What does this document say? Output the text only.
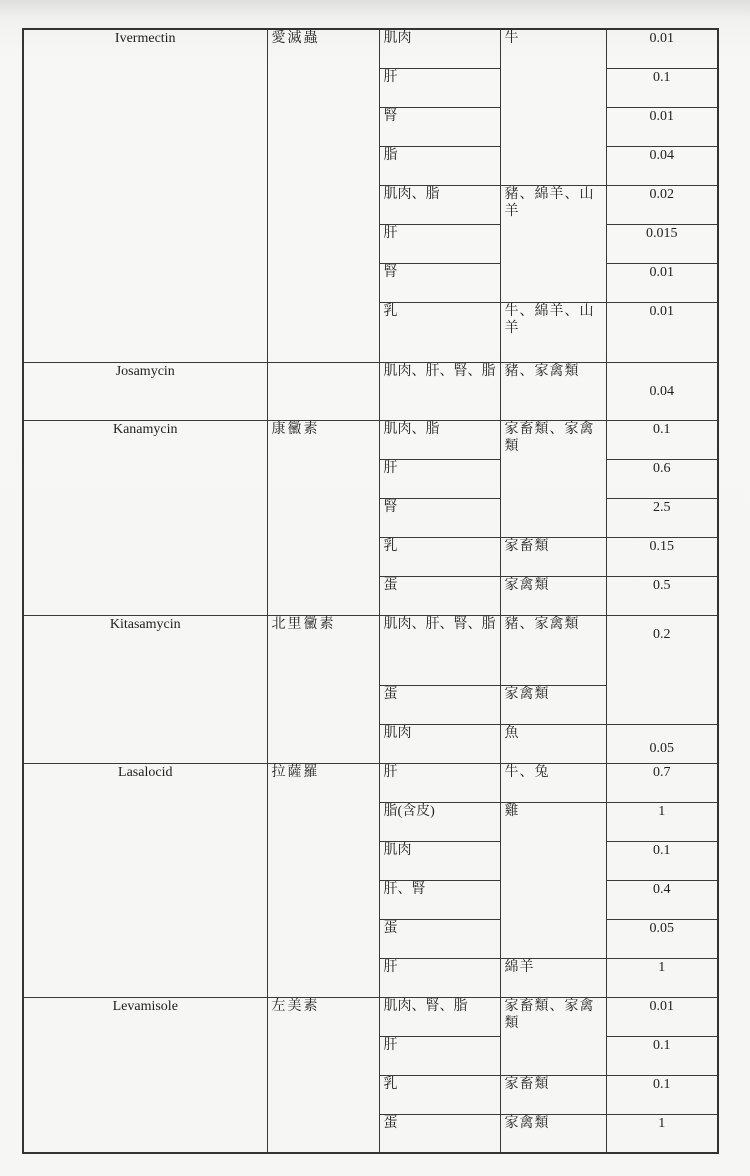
Ivermectin	愛滅蟲	肌肉	牛	0.01
		肝		0.1
		腎		0.01
		脂		0.04
		肌肉、脂	豬、綿羊、山羊	0.02
		肝		0.015
		腎		0.01
		乳	牛、綿羊、山羊	0.01
Josamycin		肌肉、肝、腎、脂	豬、家禽類	0.04
Kanamycin	康黴素	肌肉、脂	家畜類、家禽類	0.1
		肝		0.6
		腎		2.5
		乳	家畜類	0.15
		蛋	家禽類	0.5
Kitasamycin	北里黴素	肌肉、肝、腎、脂	豬、家禽類	0.2
		蛋	家禽類	
		肌肉	魚	0.05
Lasalocid	拉薩羅	肝	牛、兔	0.7
		脂(含皮)	雞	1
		肌肉		0.1
		肝、腎		0.4
		蛋		0.05
		肝	綿羊	1
Levamisole	左美素	肌肉、腎、脂	家畜類、家禽類	0.01
		肝		0.1
		乳	家畜類	0.1
		蛋	家禽類	1
